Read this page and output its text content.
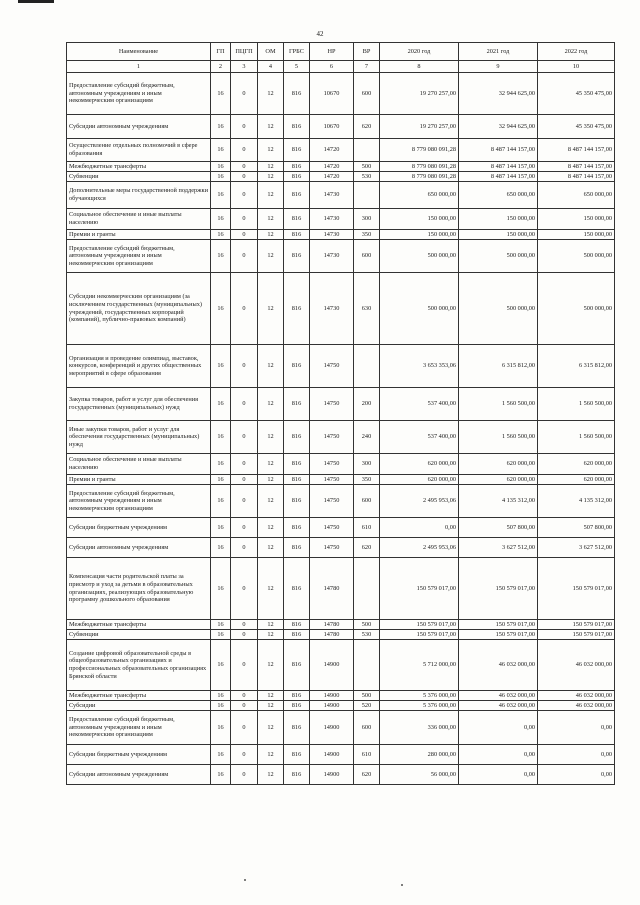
42
Наименование	ГП	ПЦГП	ОМ	ГРБС	НР	ВР	2020 год	2021 год	2022 год
1	2	3	4	5	6	7	8	9	10
Предоставление субсидий бюджетным, автономным учреждениям и иным некоммерческим организациям	16	0	12	816	10670	600	19 270 257,00	32 944 625,00	45 350 475,00
Субсидии автономным учреждениям	16	0	12	816	10670	620	19 270 257,00	32 944 625,00	45 350 475,00
Осуществление отдельных полномочий в сфере образования	16	0	12	816	14720		8 779 080 091,28	8 487 144 157,00	8 487 144 157,00
Межбюджетные трансферты	16	0	12	816	14720	500	8 779 080 091,28	8 487 144 157,00	8 487 144 157,00
Субвенции	16	0	12	816	14720	530	8 779 080 091,28	8 487 144 157,00	8 487 144 157,00
Дополнительные меры государственной поддержки обучающихся	16	0	12	816	14730		650 000,00	650 000,00	650 000,00
Социальное обеспечение и иные выплаты населению	16	0	12	816	14730	300	150 000,00	150 000,00	150 000,00
Премии и гранты	16	0	12	816	14730	350	150 000,00	150 000,00	150 000,00
Предоставление субсидий бюджетным, автономным учреждениям и иным некоммерческим организациям	16	0	12	816	14730	600	500 000,00	500 000,00	500 000,00
Субсидии некоммерческим организациям (за исключением государственных (муниципальных) учреждений, государственных корпораций (компаний), публично-правовых компаний)	16	0	12	816	14730	630	500 000,00	500 000,00	500 000,00
Организация и проведение олимпиад, выставок, конкурсов, конференций и других общественных мероприятий в сфере образования	16	0	12	816	14750		3 653 353,06	6 315 812,00	6 315 812,00
Закупка товаров, работ и услуг для обеспечения государственных (муниципальных) нужд	16	0	12	816	14750	200	537 400,00	1 560 500,00	1 560 500,00
Иные закупки товаров, работ и услуг для обеспечения государственных (муниципальных) нужд	16	0	12	816	14750	240	537 400,00	1 560 500,00	1 560 500,00
Социальное обеспечение и иные выплаты населению	16	0	12	816	14750	300	620 000,00	620 000,00	620 000,00
Премии и гранты	16	0	12	816	14750	350	620 000,00	620 000,00	620 000,00
Предоставление субсидий бюджетным, автономным учреждениям и иным некоммерческим организациям	16	0	12	816	14750	600	2 495 953,06	4 135 312,00	4 135 312,00
Субсидии бюджетным учреждениям	16	0	12	816	14750	610	0,00	507 800,00	507 800,00
Субсидии автономным учреждениям	16	0	12	816	14750	620	2 495 953,06	3 627 512,00	3 627 512,00
Компенсация части родительской платы за присмотр и уход за детьми в образовательных организациях, реализующих образовательную программу дошкольного образования	16	0	12	816	14780		150 579 017,00	150 579 017,00	150 579 017,00
Межбюджетные трансферты	16	0	12	816	14780	500	150 579 017,00	150 579 017,00	150 579 017,00
Субвенции	16	0	12	816	14780	530	150 579 017,00	150 579 017,00	150 579 017,00
Создание цифровой образовательной среды в общеобразовательных организациях и профессиональных образовательных организациях Брянской области	16	0	12	816	14900		5 712 000,00	46 032 000,00	46 032 000,00
Межбюджетные трансферты	16	0	12	816	14900	500	5 376 000,00	46 032 000,00	46 032 000,00
Субсидии	16	0	12	816	14900	520	5 376 000,00	46 032 000,00	46 032 000,00
Предоставление субсидий бюджетным, автономным учреждениям и иным некоммерческим организациям	16	0	12	816	14900	600	336 000,00	0,00	0,00
Субсидии бюджетным учреждениям	16	0	12	816	14900	610	280 000,00	0,00	0,00
Субсидии автономным учреждениям	16	0	12	816	14900	620	56 000,00	0,00	0,00
